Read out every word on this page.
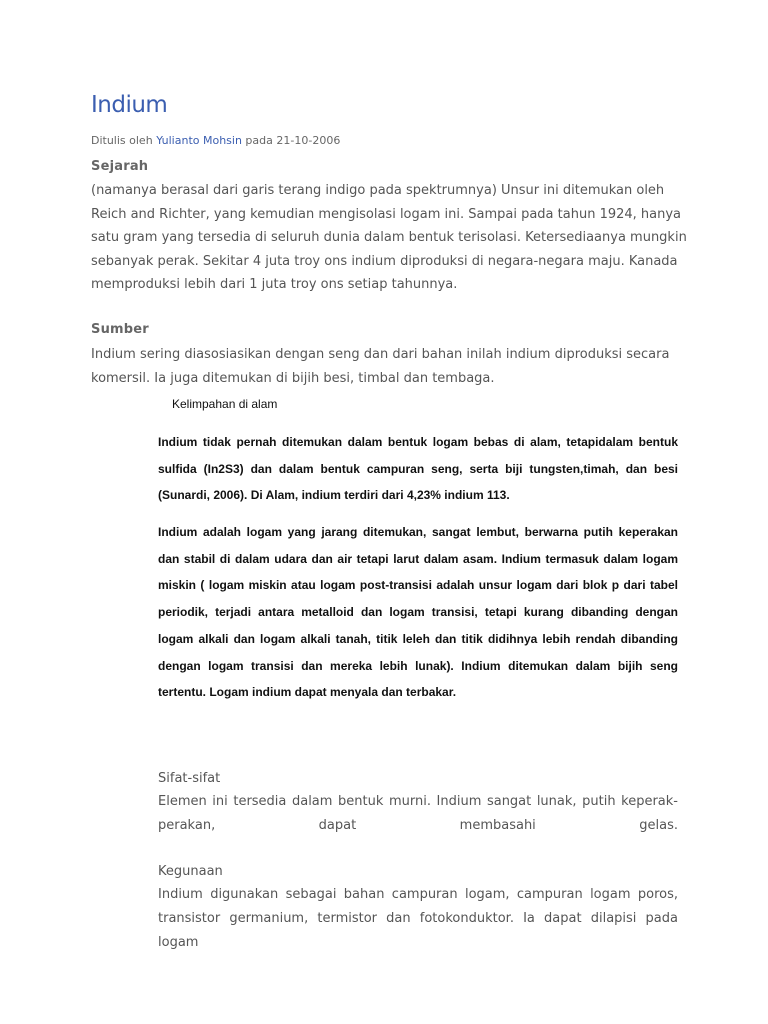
Indium
Ditulis oleh Yulianto Mohsin pada 21-10-2006
Sejarah
(namanya berasal dari garis terang indigo pada spektrumnya) Unsur ini ditemukan oleh Reich and Richter, yang kemudian mengisolasi logam ini. Sampai pada tahun 1924, hanya satu gram yang tersedia di seluruh dunia dalam bentuk terisolasi. Ketersediaanya mungkin sebanyak perak. Sekitar 4 juta troy ons indium diproduksi di negara-negara maju. Kanada memproduksi lebih dari 1 juta troy ons setiap tahunnya.
Sumber
Indium sering diasosiasikan dengan seng dan dari bahan inilah indium diproduksi secara komersil. Ia juga ditemukan di bijih besi, timbal dan tembaga.
Kelimpahan di alam
Indium tidak pernah ditemukan dalam bentuk logam bebas di alam, tetapidalam bentuk sulfida (In2S3) dan dalam bentuk campuran seng, serta biji tungsten,timah, dan besi (Sunardi, 2006). Di Alam, indium terdiri dari 4,23% indium 113.
Indium adalah logam yang jarang ditemukan, sangat lembut, berwarna putih keperakan dan stabil di dalam udara dan air tetapi larut dalam asam. Indium termasuk dalam logam miskin ( logam miskin atau logam post-transisi adalah unsur logam dari blok p dari tabel periodik, terjadi antara metalloid dan logam transisi, tetapi kurang dibanding dengan logam alkali dan logam alkali tanah, titik leleh dan titik didihnya lebih rendah dibanding dengan logam transisi dan mereka lebih lunak). Indium ditemukan dalam bijih seng tertentu. Logam indium dapat menyala dan terbakar.
Sifat-sifat
Elemen ini tersedia dalam bentuk murni. Indium sangat lunak, putih keperak-perakan, dapat membasahi gelas.
Kegunaan
Indium digunakan sebagai bahan campuran logam, campuran logam poros, transistor germanium, termistor dan fotokonduktor. Ia dapat dilapisi pada logam
